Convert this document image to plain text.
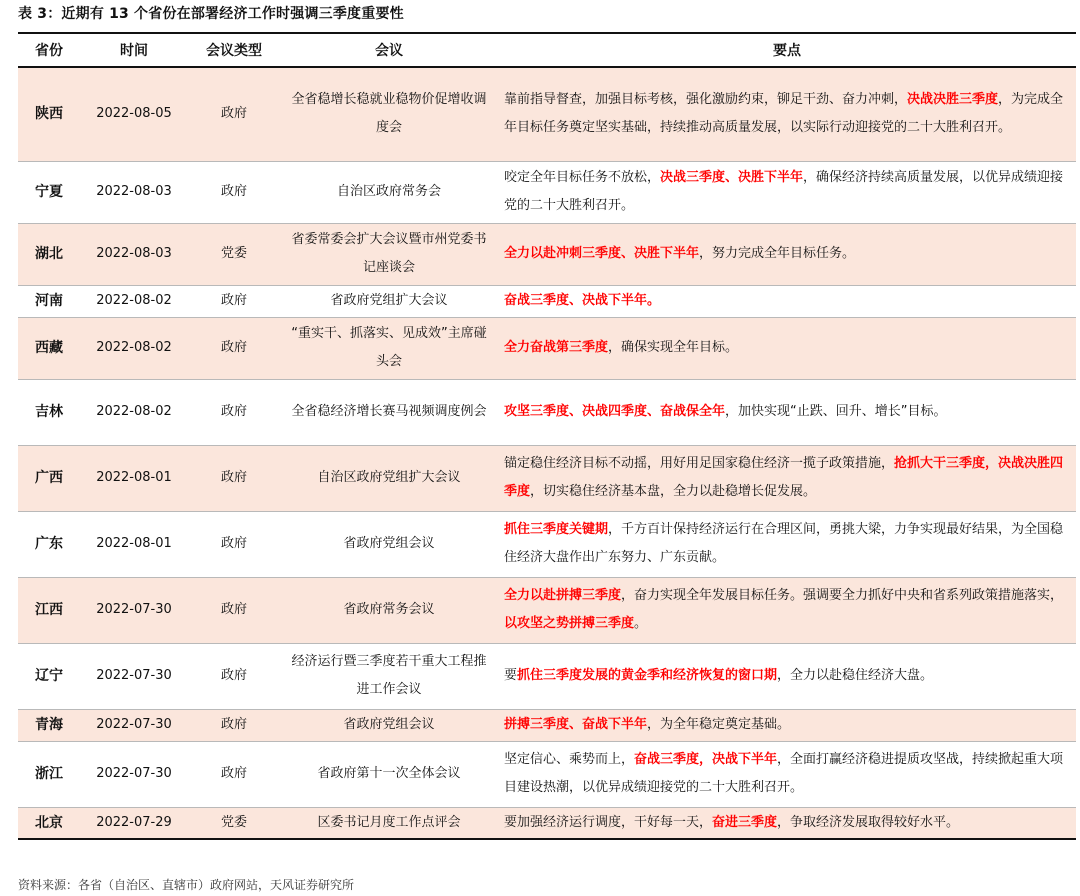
表 3：近期有 13 个省份在部署经济工作时强调三季度重要性
省份	时间	会议类型	会议	要点
陕西	2022-08-05	政府	全省稳增长稳就业稳物价促增收调度会	靠前指导督查，加强目标考核，强化激励约束，铆足干劲、奋力冲刺，决战决胜三季度，为完成全年目标任务奠定坚实基础，持续推动高质量发展，以实际行动迎接党的二十大胜利召开。
宁夏	2022-08-03	政府	自治区政府常务会	咬定全年目标任务不放松，决战三季度、决胜下半年，确保经济持续高质量发展，以优异成绩迎接党的二十大胜利召开。
湖北	2022-08-03	党委	省委常委会扩大会议暨市州党委书记座谈会	全力以赴冲刺三季度、决胜下半年，努力完成全年目标任务。
河南	2022-08-02	政府	省政府党组扩大会议	奋战三季度、决战下半年。
西藏	2022-08-02	政府	“重实干、抓落实、见成效”主席碰头会	全力奋战第三季度，确保实现全年目标。
吉林	2022-08-02	政府	全省稳经济增长赛马视频调度例会	攻坚三季度、决战四季度、奋战保全年，加快实现“止跌、回升、增长”目标。
广西	2022-08-01	政府	自治区政府党组扩大会议	锚定稳住经济目标不动摇，用好用足国家稳住经济一揽子政策措施，抢抓大干三季度，决战决胜四季度，切实稳住经济基本盘，全力以赴稳增长促发展。
广东	2022-08-01	政府	省政府党组会议	抓住三季度关键期，千方百计保持经济运行在合理区间，勇挑大梁，力争实现最好结果，为全国稳住经济大盘作出广东努力、广东贡献。
江西	2022-07-30	政府	省政府常务会议	全力以赴拼搏三季度，奋力实现全年发展目标任务。强调要全力抓好中央和省系列政策措施落实，以攻坚之势拼搏三季度。
辽宁	2022-07-30	政府	经济运行暨三季度若干重大工程推进工作会议	要抓住三季度发展的黄金季和经济恢复的窗口期，全力以赴稳住经济大盘。
青海	2022-07-30	政府	省政府党组会议	拼搏三季度、奋战下半年，为全年稳定奠定基础。
浙江	2022-07-30	政府	省政府第十一次全体会议	坚定信心、乘势而上，奋战三季度，决战下半年，全面打赢经济稳进提质攻坚战，持续掀起重大项目建设热潮，以优异成绩迎接党的二十大胜利召开。
北京	2022-07-29	党委	区委书记月度工作点评会	要加强经济运行调度，干好每一天，奋进三季度，争取经济发展取得较好水平。
资料来源：各省（自治区、直辖市）政府网站，天风证券研究所
